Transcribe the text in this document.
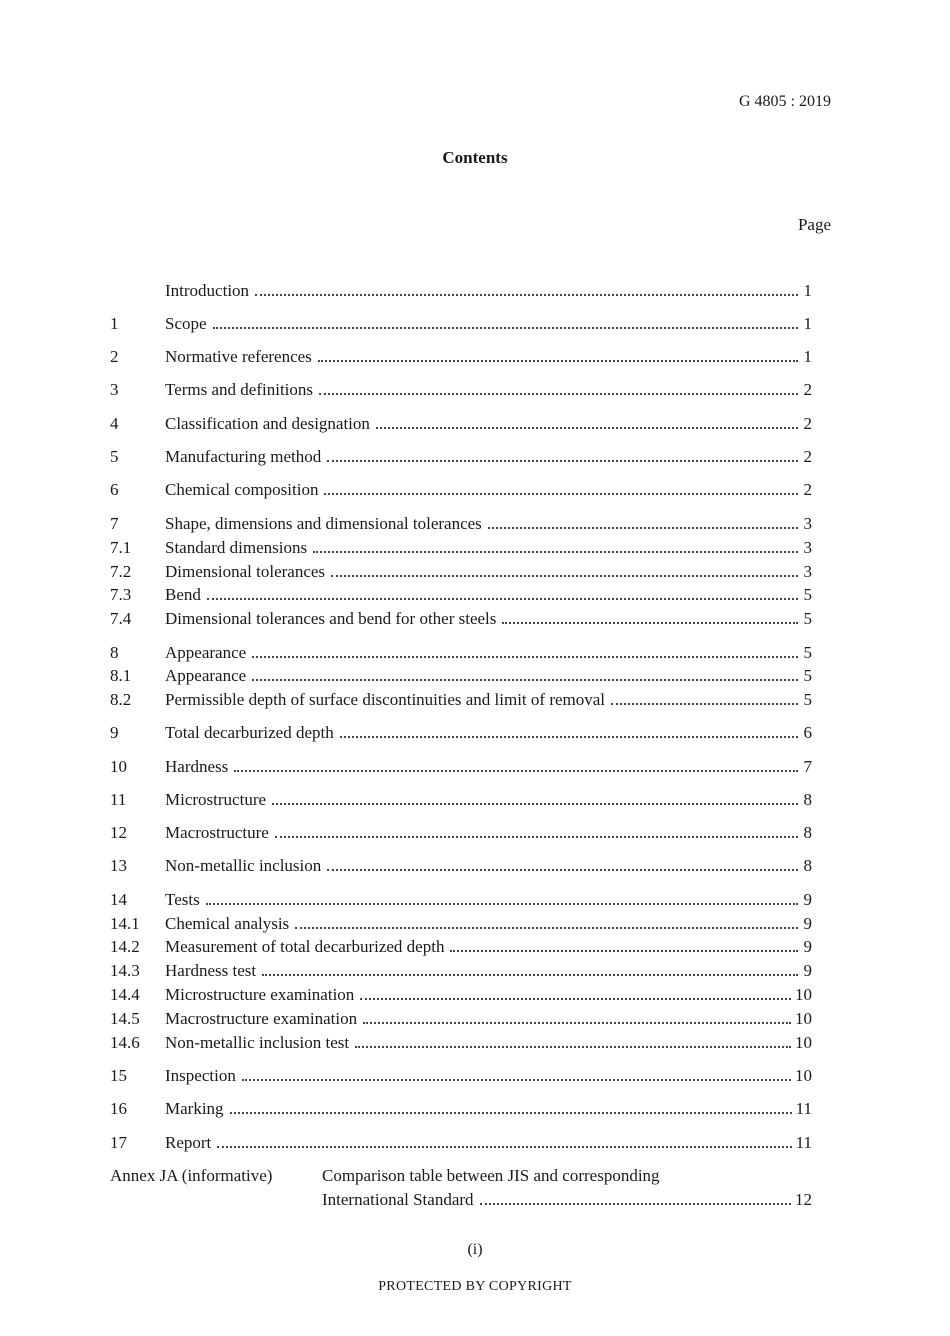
G 4805 : 2019
Contents
Page
Introduction	1
1	Scope	1
2	Normative references	1
3	Terms and definitions	2
4	Classification and designation	2
5	Manufacturing method	2
6	Chemical composition	2
7	Shape, dimensions and dimensional tolerances	3
7.1	Standard dimensions	3
7.2	Dimensional tolerances	3
7.3	Bend	5
7.4	Dimensional tolerances and bend for other steels	5
8	Appearance	5
8.1	Appearance	5
8.2	Permissible depth of surface discontinuities and limit of removal	5
9	Total decarburized depth	6
10	Hardness	7
11	Microstructure	8
12	Macrostructure	8
13	Non-metallic inclusion	8
14	Tests	9
14.1	Chemical analysis	9
14.2	Measurement of total decarburized depth	9
14.3	Hardness test	9
14.4	Microstructure examination	10
14.5	Macrostructure examination	10
14.6	Non-metallic inclusion test	10
15	Inspection	10
16	Marking	11
17	Report	11
Annex JA (informative)	Comparison table between JIS and corresponding
International Standard	12
(i)
PROTECTED BY COPYRIGHT
